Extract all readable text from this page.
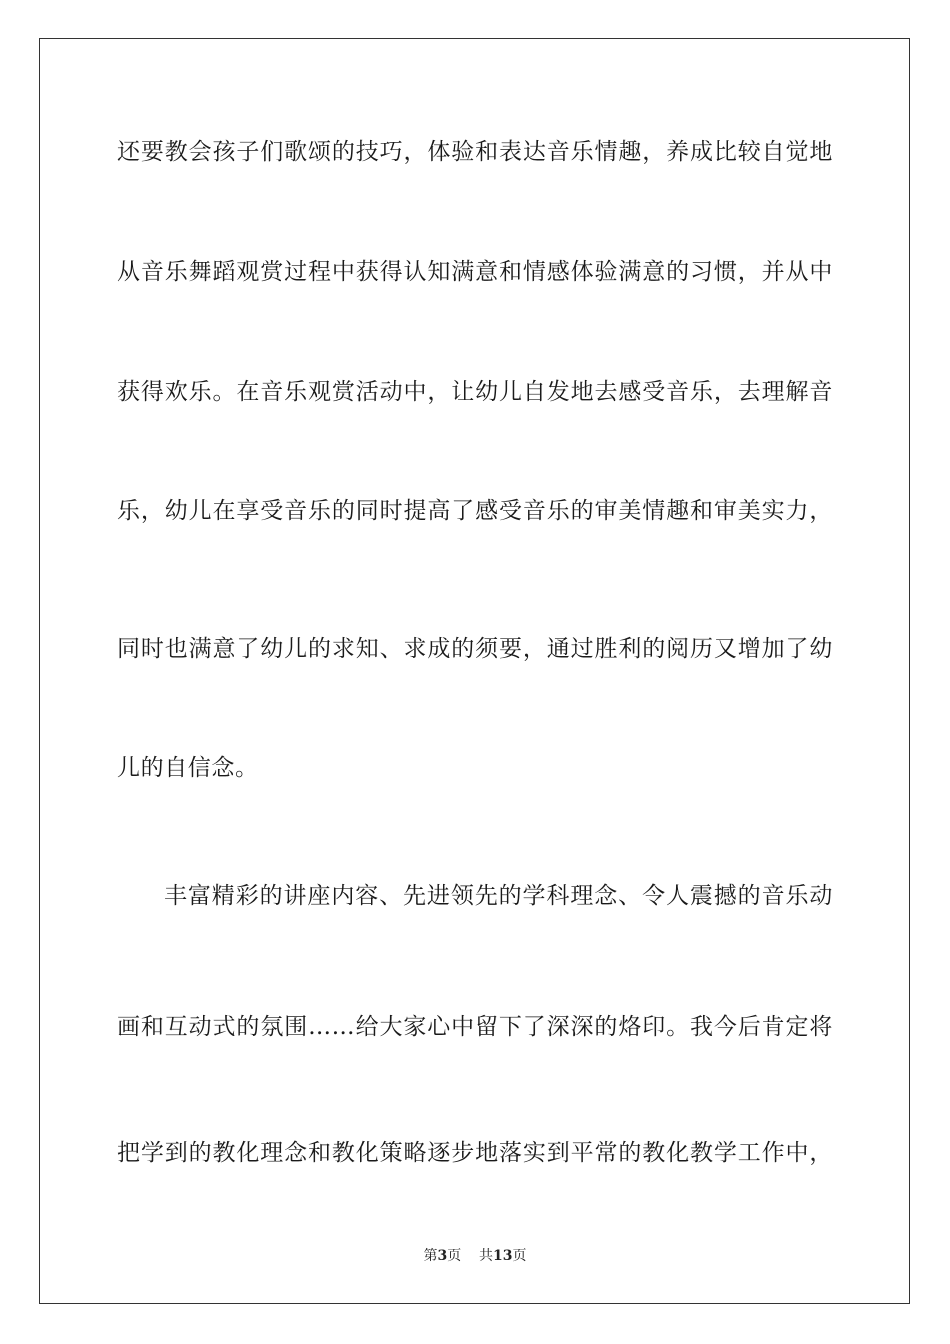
还要教会孩子们歌颂的技巧，体验和表达音乐情趣，养成比较自觉地
从音乐舞蹈观赏过程中获得认知满意和情感体验满意的习惯，并从中
获得欢乐。在音乐观赏活动中，让幼儿自发地去感受音乐，去理解音
乐，幼儿在享受音乐的同时提高了感受音乐的审美情趣和审美实力，
同时也满意了幼儿的求知、求成的须要，通过胜利的阅历又增加了幼
儿的自信念。
丰富精彩的讲座内容、先进领先的学科理念、令人震撼的音乐动
画和互动式的氛围……给大家心中留下了深深的烙印。我今后肯定将
把学到的教化理念和教化策略逐步地落实到平常的教化教学工作中，
第3页 共13页
